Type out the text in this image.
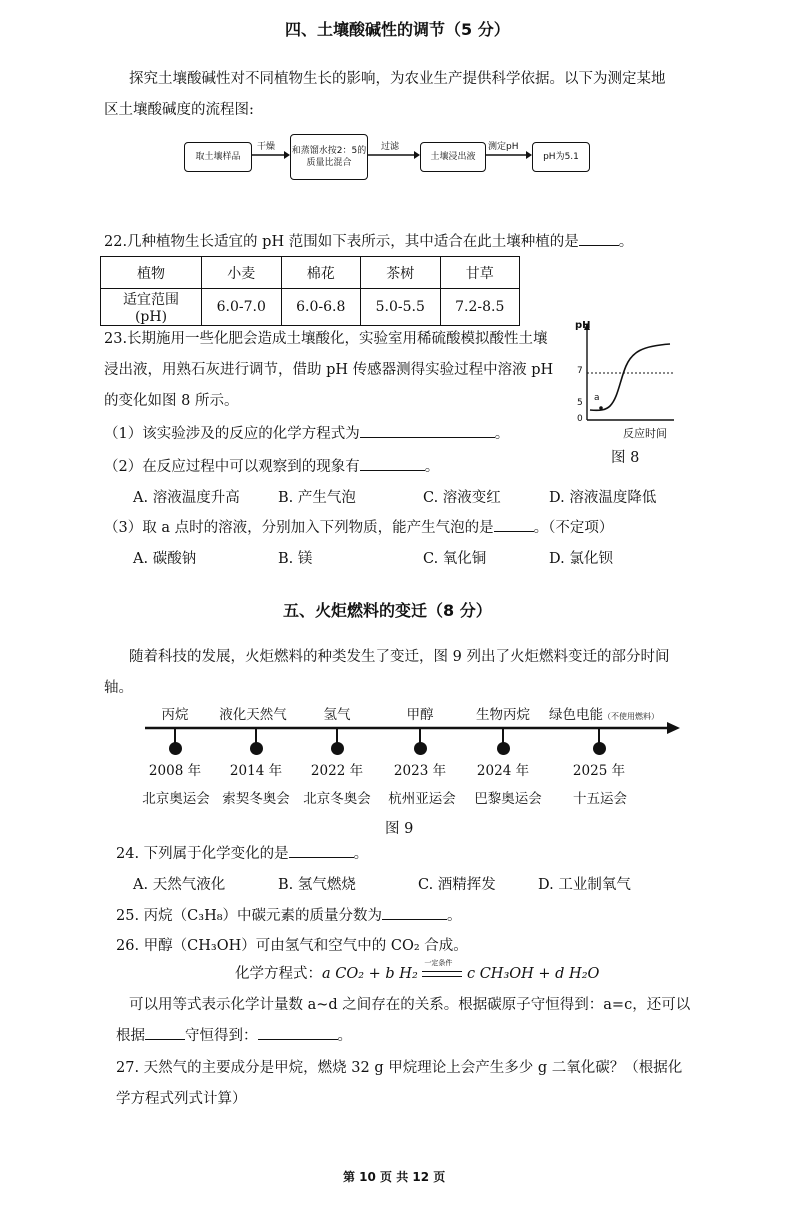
四、土壤酸碱性的调节（5 分）
探究土壤酸碱性对不同植物生长的影响，为农业生产提供科学依据。以下为测定某地
区土壤酸碱度的流程图:
取土壤样品
干燥 和蒸馏水按2：5的
质量比混合
过滤
土壤浸出液
测定pH
pH为5.1
22.几种植物生长适宜的 pH 范围如下表所示，其中适合在此土壤种植的是	。
植物	小麦	棉花	茶树	甘草
适宜范围(pH)	6.0-7.0	6.0-6.8	5.0-5.5	7.2-8.5
23.长期施用一些化肥会造成土壤酸化，实验室用稀硫酸模拟酸性土壤
浸出液，用熟石灰进行调节，借助 pH 传感器测得实验过程中溶液 pH
的变化如图 8 所示。
（1）该实验涉及的反应的化学方程式为	。
pH
7
5
0
a
反应时间
图 8
（2）在反应过程中可以观察到的现象有	。
A. 溶液温度升高	B. 产生气泡	C. 溶液变红	D. 溶液温度降低
（3）取 a 点时的溶液，分别加入下列物质，能产生气泡的是	。（不定项）
A. 碳酸钠	B. 镁	C. 氧化铜	D. 氯化钡
五、火炬燃料的变迁（8 分）
随着科技的发展，火炬燃料的种类发生了变迁，图 9 列出了火炬燃料变迁的部分时间
轴。
丙烷	液化天然气	氢气	甲醇	生物丙烷	绿色电能（不使用燃料）
2008 年	2014 年	2022 年	2023 年	2024 年	2025 年
北京奥运会 索契冬奥会	北京冬奥会	杭州亚运会	巴黎奥运会	十五运会
图 9
24. 下列属于化学变化的是	。
A. 天然气液化	B. 氢气燃烧	C. 酒精挥发	D. 工业制氧气
25. 丙烷（C₃H₈）中碳元素的质量分数为	。
26. 甲醇（CH₃OH）可由氢气和空气中的 CO₂ 合成。
化学方程式：a CO₂ + b H₂
一定条件
c CH₃OH + d H₂O
可以用等式表示化学计量数 a~d 之间存在的关系。根据碳原子守恒得到：a=c，还可以
根据	守恒得到：	。
27. 天然气的主要成分是甲烷，燃烧 32 g 甲烷理论上会产生多少 g 二氧化碳？（根据化
学方程式列式计算）
第 10 页 共 12 页
